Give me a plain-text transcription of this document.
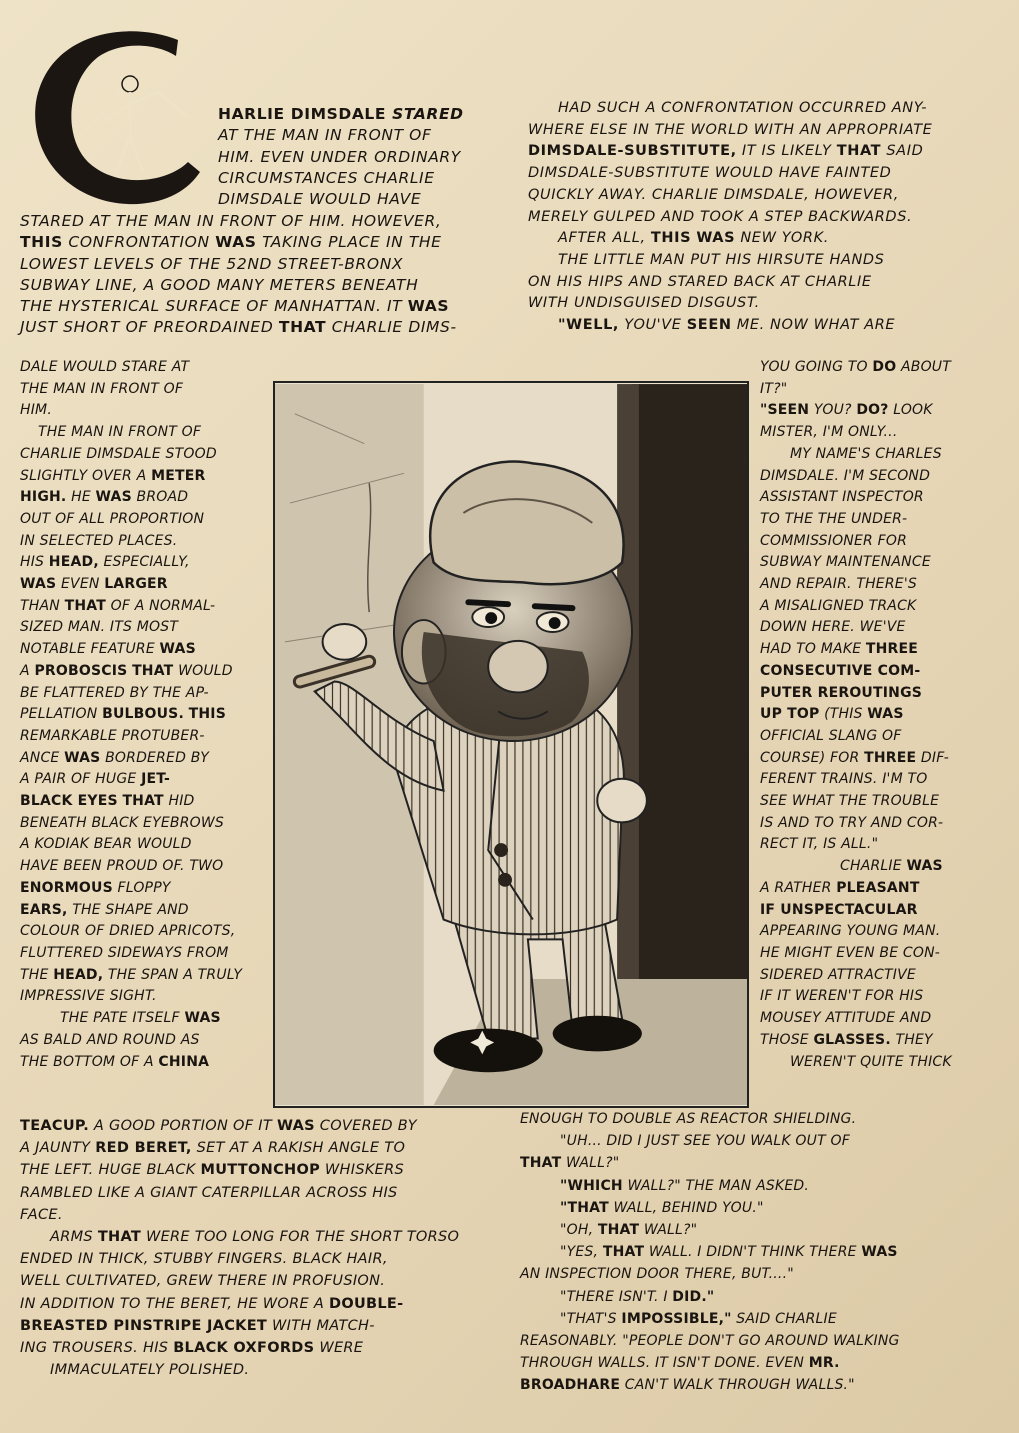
HARLIE DIMSDALE STARED

AT THE MAN IN FRONT OF

HIM. EVEN UNDER ORDINARY

CIRCUMSTANCES CHARLIE

DIMSDALE WOULD HAVE

STARED AT THE MAN IN FRONT OF HIM. HOWEVER,

THIS CONFRONTATION WAS TAKING PLACE IN THE

LOWEST LEVELS OF THE 52ND STREET-BRONX

SUBWAY LINE, A GOOD MANY METERS BENEATH

THE HYSTERICAL SURFACE OF MANHATTAN. IT WAS

JUST SHORT OF PREORDAINED THAT CHARLIE DIMS-

DALE WOULD STARE AT

THE MAN IN FRONT OF

HIM.

THE MAN IN FRONT OF

CHARLIE DIMSDALE STOOD

SLIGHTLY OVER A METER

HIGH. HE WAS BROAD

OUT OF ALL PROPORTION

IN SELECTED PLACES.

HIS HEAD, ESPECIALLY,

WAS EVEN LARGER

THAN THAT OF A NORMAL-

SIZED MAN. ITS MOST

NOTABLE FEATURE WAS

A PROBOSCIS THAT WOULD

BE FLATTERED BY THE AP-

PELLATION BULBOUS. THIS

REMARKABLE PROTUBER-

ANCE WAS BORDERED BY

A PAIR OF HUGE JET-

BLACK EYES THAT HID

BENEATH BLACK EYEBROWS

A KODIAK BEAR WOULD

HAVE BEEN PROUD OF. TWO

ENORMOUS FLOPPY

EARS, THE SHAPE AND

COLOUR OF DRIED APRICOTS,

FLUTTERED SIDEWAYS FROM

THE HEAD, THE SPAN A TRULY

IMPRESSIVE SIGHT.

THE PATE ITSELF WAS

AS BALD AND ROUND AS

THE BOTTOM OF A CHINA

TEACUP. A GOOD PORTION OF IT WAS COVERED BY

A JAUNTY RED BERET, SET AT A RAKISH ANGLE TO

THE LEFT. HUGE BLACK MUTTONCHOP WHISKERS

RAMBLED LIKE A GIANT CATERPILLAR ACROSS HIS

FACE.

ARMS THAT WERE TOO LONG FOR THE SHORT TORSO

ENDED IN THICK, STUBBY FINGERS. BLACK HAIR,

WELL CULTIVATED, GREW THERE IN PROFUSION.

IN ADDITION TO THE BERET, HE WORE A DOUBLE-

BREASTED PINSTRIPE JACKET WITH MATCH-

ING TROUSERS. HIS BLACK OXFORDS WERE

IMMACULATELY POLISHED.

HAD SUCH A CONFRONTATION OCCURRED ANY-

WHERE ELSE IN THE WORLD WITH AN APPROPRIATE

DIMSDALE-SUBSTITUTE, IT IS LIKELY THAT SAID

DIMSDALE-SUBSTITUTE WOULD HAVE FAINTED

QUICKLY AWAY. CHARLIE DIMSDALE, HOWEVER,

MERELY GULPED AND TOOK A STEP BACKWARDS.

AFTER ALL, THIS WAS NEW YORK.

THE LITTLE MAN PUT HIS HIRSUTE HANDS

ON HIS HIPS AND STARED BACK AT CHARLIE

WITH UNDISGUISED DISGUST.

"WELL, YOU'VE SEEN ME. NOW WHAT ARE

YOU GOING TO DO ABOUT

IT?"

"SEEN YOU? DO? LOOK

MISTER, I'M ONLY...

MY NAME'S CHARLES

DIMSDALE. I'M SECOND

ASSISTANT INSPECTOR

TO THE THE UNDER-

COMMISSIONER FOR

SUBWAY MAINTENANCE

AND REPAIR. THERE'S

A MISALIGNED TRACK

DOWN HERE. WE'VE

HAD TO MAKE THREE

CONSECUTIVE COM-

PUTER REROUTINGS

UP TOP (THIS WAS

OFFICIAL SLANG OF

COURSE) FOR THREE DIF-

FERENT TRAINS. I'M TO

SEE WHAT THE TROUBLE

IS AND TO TRY AND COR-

RECT IT, IS ALL."

CHARLIE WAS

A RATHER PLEASANT

IF UNSPECTACULAR

APPEARING YOUNG MAN.

HE MIGHT EVEN BE CON-

SIDERED ATTRACTIVE

IF IT WEREN'T FOR HIS

MOUSEY ATTITUDE AND

THOSE GLASSES. THEY

WEREN'T QUITE THICK

ENOUGH TO DOUBLE AS REACTOR SHIELDING.

"UH... DID I JUST SEE YOU WALK OUT OF

THAT WALL?"

"WHICH WALL?" THE MAN ASKED.

"THAT WALL, BEHIND YOU."

"OH, THAT WALL?"

"YES, THAT WALL. I DIDN'T THINK THERE WAS

AN INSPECTION DOOR THERE, BUT...."

"THERE ISN'T. I DID."

"THAT'S IMPOSSIBLE," SAID CHARLIE

REASONABLY. "PEOPLE DON'T GO AROUND WALKING

THROUGH WALLS. IT ISN'T DONE. EVEN MR.

BROADHARE CAN'T WALK THROUGH WALLS."
